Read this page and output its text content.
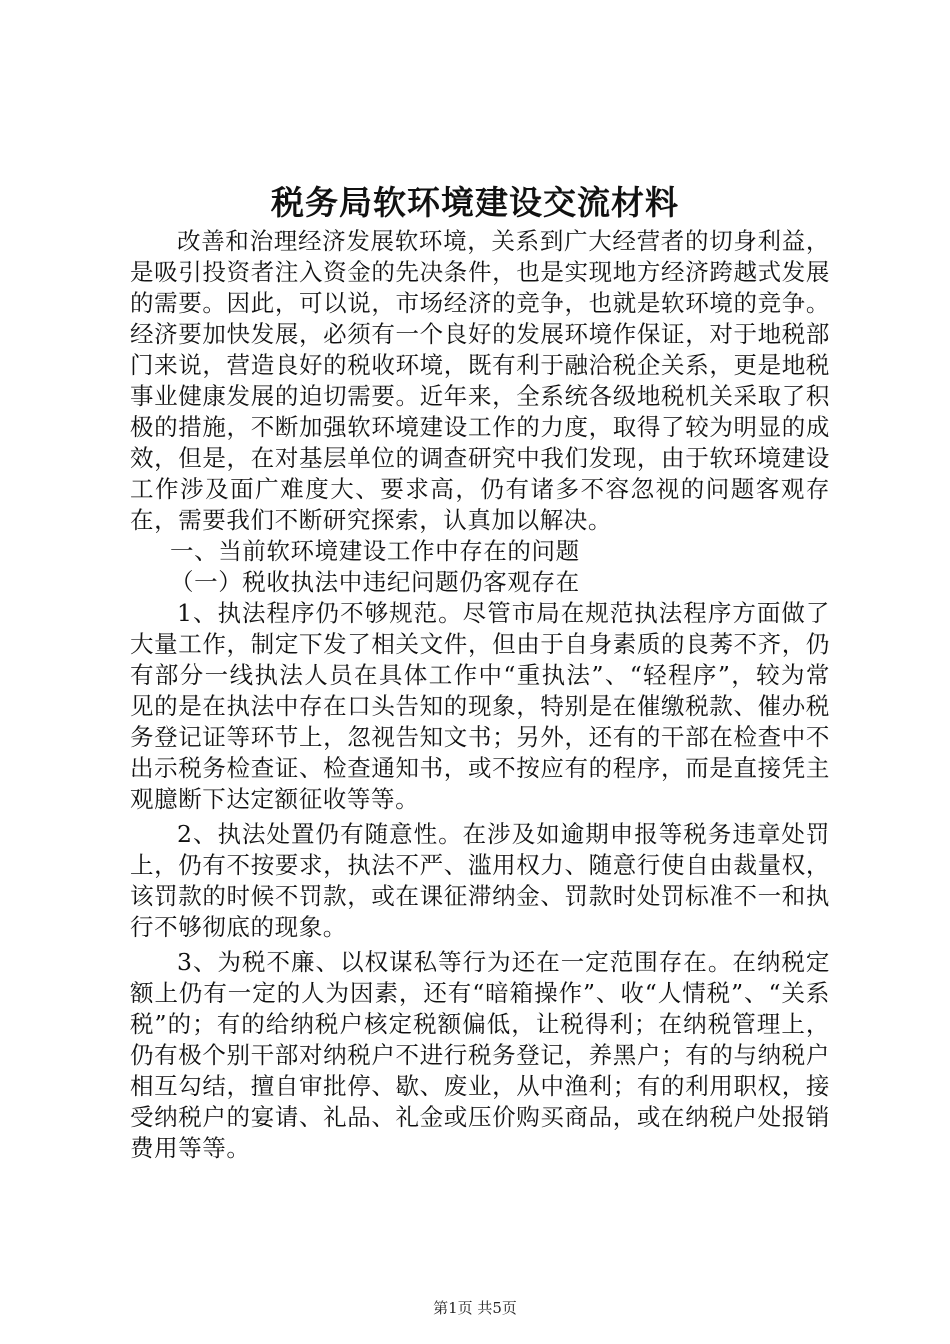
税务局软环境建设交流材料

改善和治理经济发展软环境，关系到广大经营者的切身利益，是吸引投资者注入资金的先决条件，也是实现地方经济跨越式发展的需要。因此，可以说，市场经济的竞争，也就是软环境的竞争。经济要加快发展，必须有一个良好的发展环境作保证，对于地税部门来说，营造良好的税收环境，既有利于融洽税企关系，更是地税事业健康发展的迫切需要。近年来，全系统各级地税机关采取了积极的措施，不断加强软环境建设工作的力度，取得了较为明显的成效，但是，在对基层单位的调查研究中我们发现，由于软环境建设工作涉及面广难度大、要求高，仍有诸多不容忽视的问题客观存在，需要我们不断研究探索，认真加以解决。

一、当前软环境建设工作中存在的问题

（一）税收执法中违纪问题仍客观存在

1、执法程序仍不够规范。尽管市局在规范执法程序方面做了大量工作，制定下发了相关文件，但由于自身素质的良莠不齐，仍有部分一线执法人员在具体工作中“重执法”、“轻程序”，较为常见的是在执法中存在口头告知的现象，特别是在催缴税款、催办税务登记证等环节上，忽视告知文书；另外，还有的干部在检查中不出示税务检查证、检查通知书，或不按应有的程序，而是直接凭主观臆断下达定额征收等等。

2、执法处置仍有随意性。在涉及如逾期申报等税务违章处罚上，仍有不按要求，执法不严、滥用权力、随意行使自由裁量权，该罚款的时候不罚款，或在课征滞纳金、罚款时处罚标准不一和执行不够彻底的现象。

3、为税不廉、以权谋私等行为还在一定范围存在。在纳税定额上仍有一定的人为因素，还有“暗箱操作”、收“人情税”、“关系税”的；有的给纳税户核定税额偏低，让税得利；在纳税管理上，仍有极个别干部对纳税户不进行税务登记，养黑户；有的与纳税户相互勾结，擅自审批停、歇、废业，从中渔利；有的利用职权，接受纳税户的宴请、礼品、礼金或压价购买商品，或在纳税户处报销费用等等。

第1页 共5页
